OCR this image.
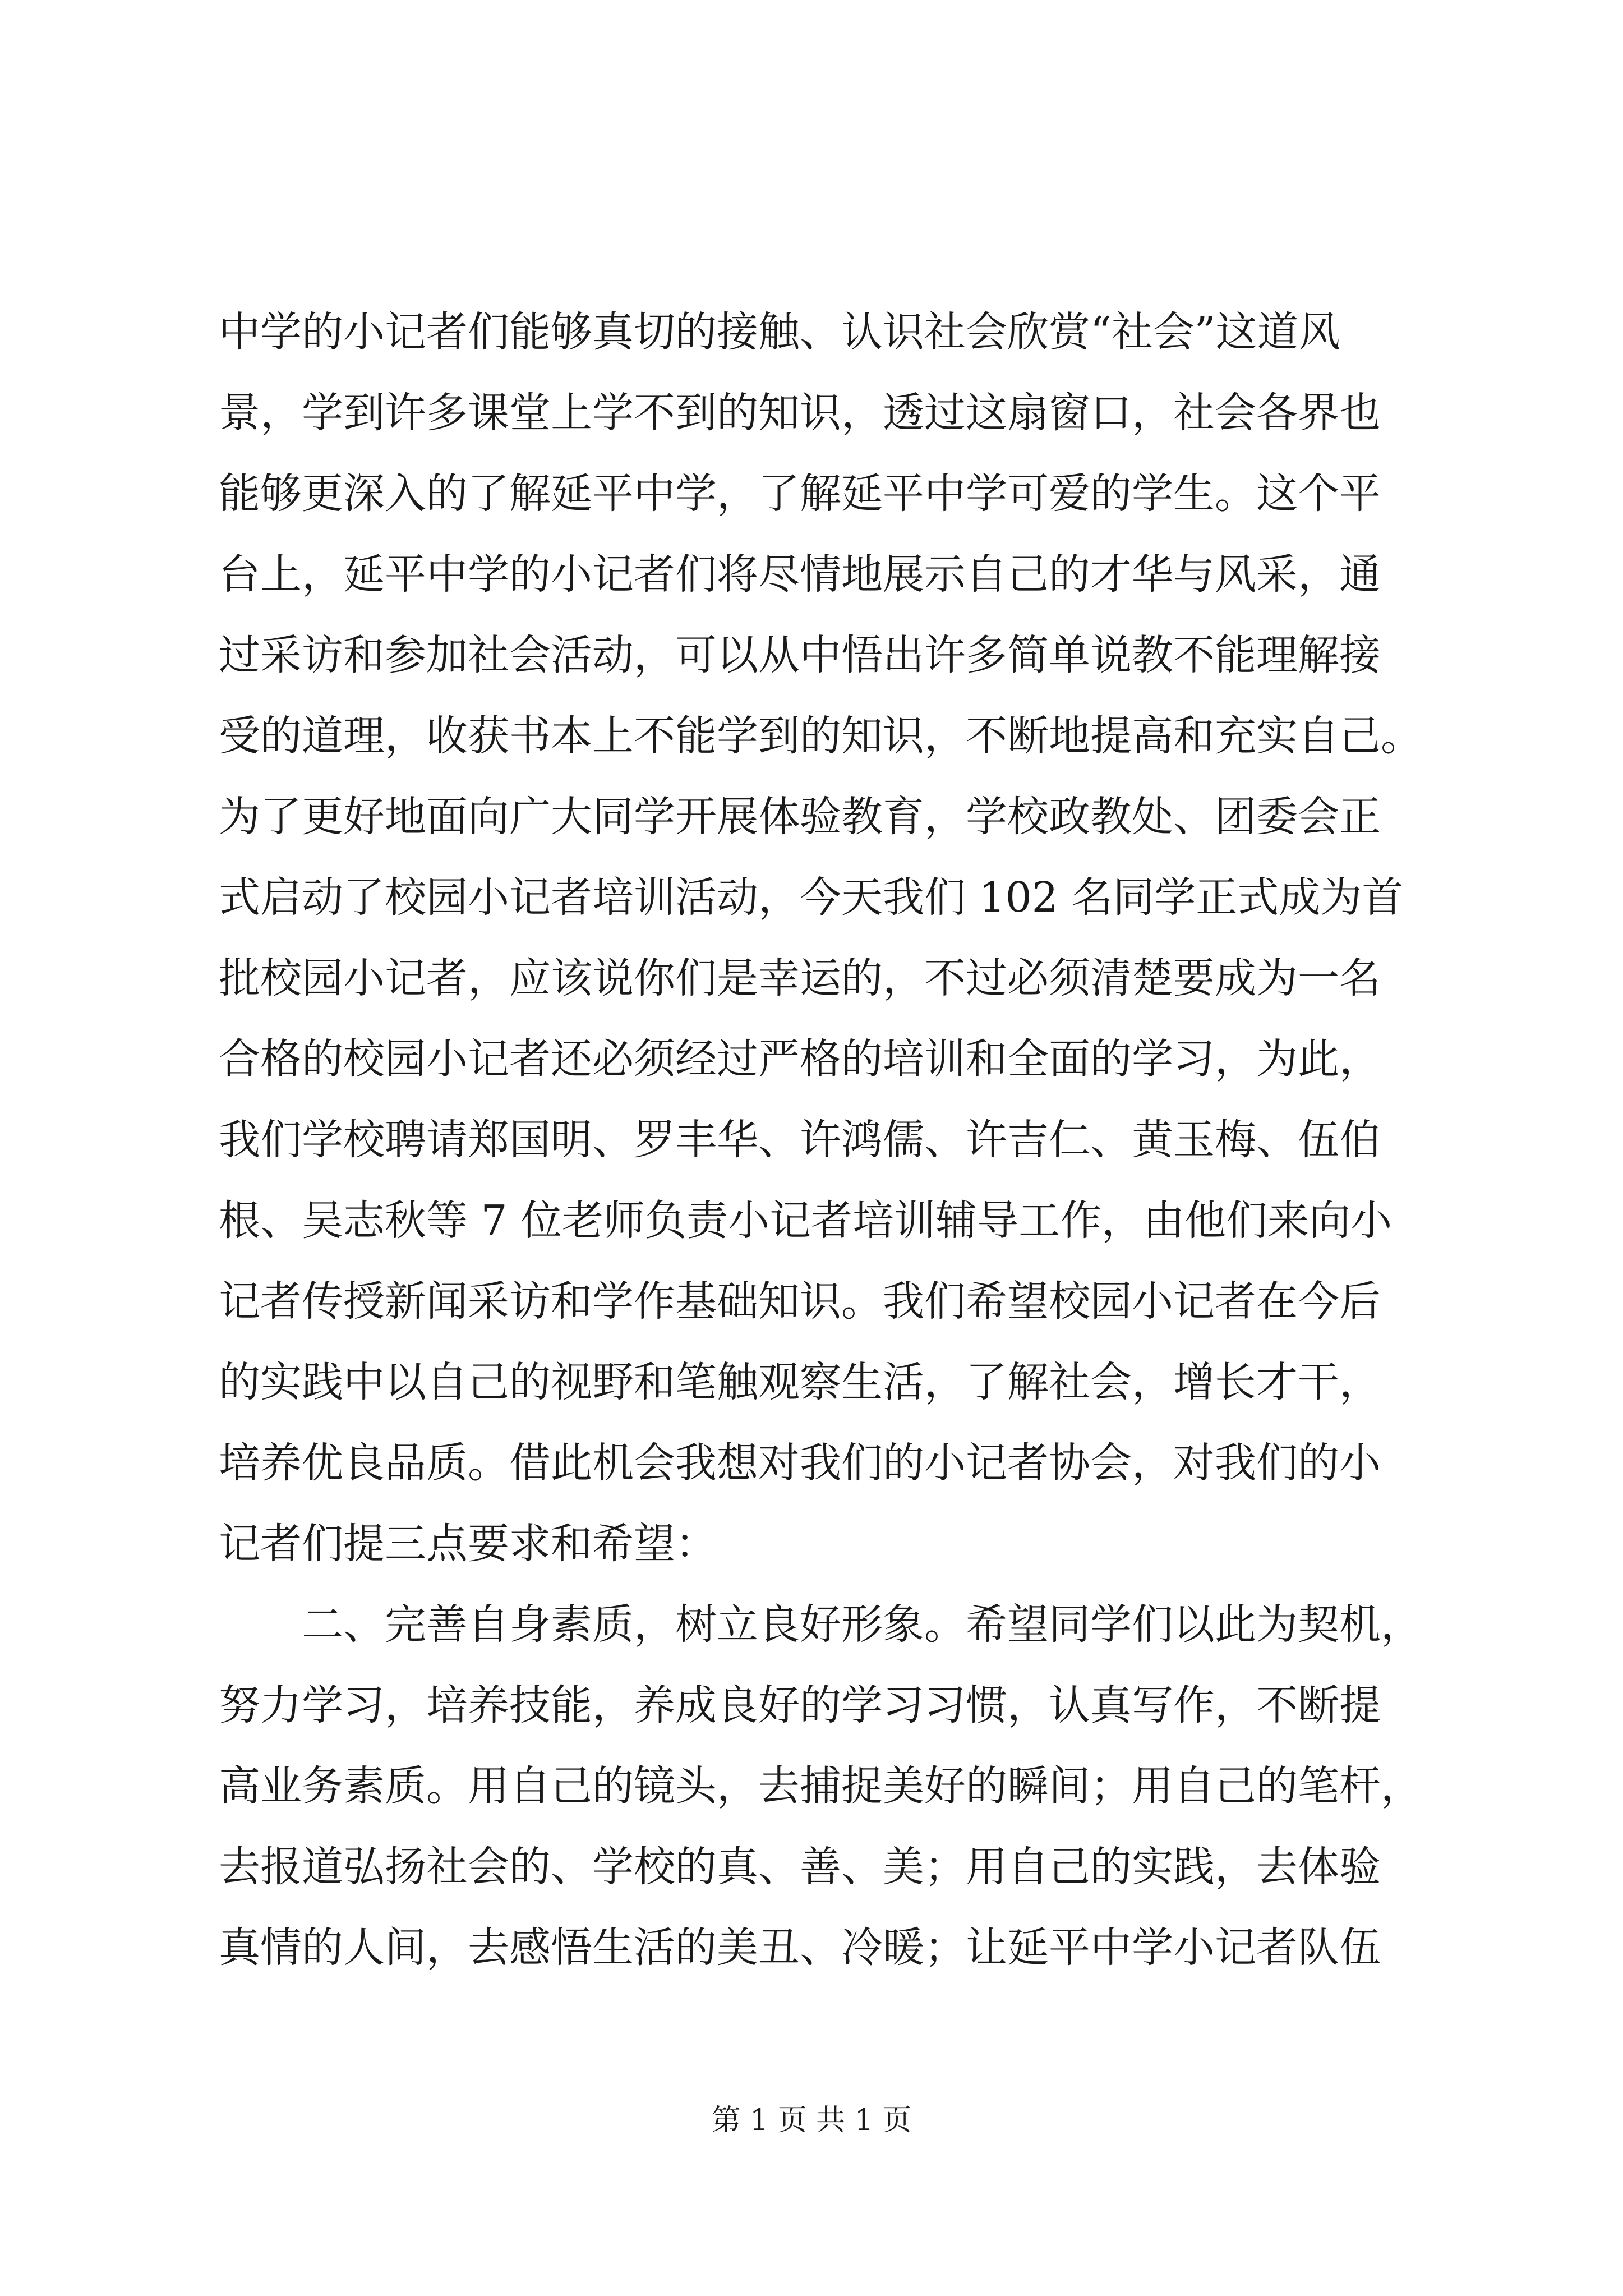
中学的小记者们能够真切的接触、认识社会欣赏“社会”这道风
景，学到许多课堂上学不到的知识，透过这扇窗口，社会各界也
能够更深入的了解延平中学，了解延平中学可爱的学生。这个平
台上，延平中学的小记者们将尽情地展示自己的才华与风采，通
过采访和参加社会活动，可以从中悟出许多简单说教不能理解接
受的道理，收获书本上不能学到的知识，不断地提高和充实自己。
为了更好地面向广大同学开展体验教育，学校政教处、团委会正
式启动了校园小记者培训活动，今天我们 102 名同学正式成为首
批校园小记者，应该说你们是幸运的，不过必须清楚要成为一名
合格的校园小记者还必须经过严格的培训和全面的学习，为此，
我们学校聘请郑国明、罗丰华、许鸿儒、许吉仁、黄玉梅、伍伯
根、吴志秋等 7 位老师负责小记者培训辅导工作，由他们来向小
记者传授新闻采访和学作基础知识。我们希望校园小记者在今后
的实践中以自己的视野和笔触观察生活，了解社会，增长才干，
培养优良品质。借此机会我想对我们的小记者协会，对我们的小
记者们提三点要求和希望：
二、完善自身素质，树立良好形象。希望同学们以此为契机，
努力学习，培养技能，养成良好的学习习惯，认真写作，不断提
高业务素质。用自己的镜头，去捕捉美好的瞬间；用自己的笔杆，
去报道弘扬社会的、学校的真、善、美；用自己的实践，去体验
真情的人间，去感悟生活的美丑、冷暖；让延平中学小记者队伍
第 1 页 共 1 页
